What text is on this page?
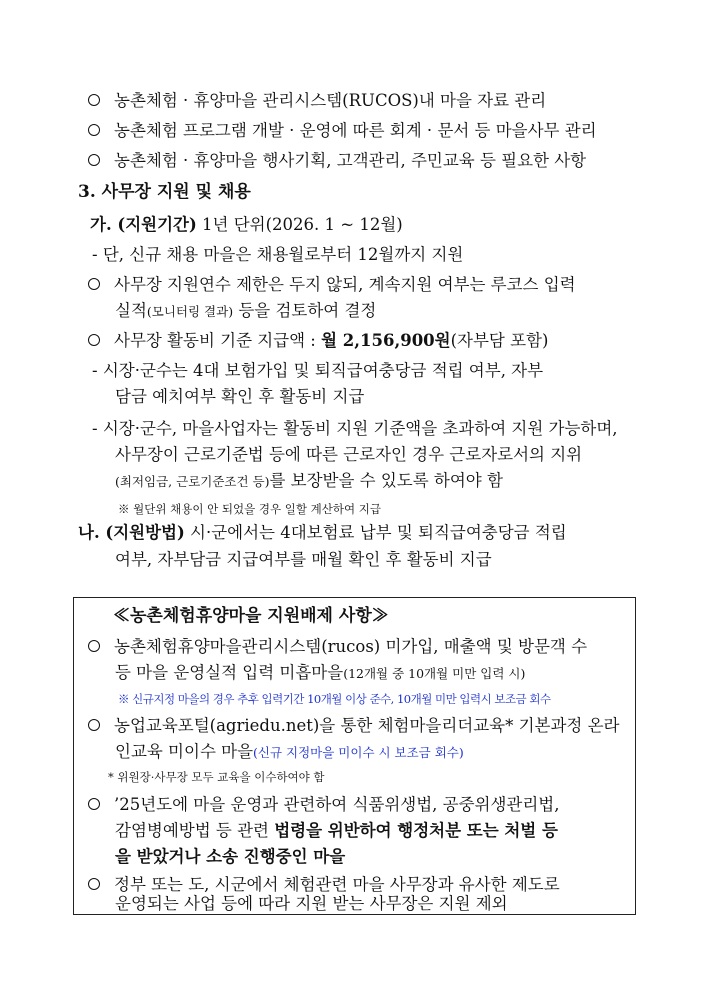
농촌체험 · 휴양마을 관리시스템(RUCOS)내 마을 자료 관리
농촌체험 프로그램 개발 · 운영에 따른 회계 · 문서 등 마을사무 관리
농촌체험 · 휴양마을 행사기획, 고객관리, 주민교육 등 필요한 사항
3. 사무장 지원 및 채용
가. (지원기간) 1년 단위(2026. 1 ~ 12월)
- 단, 신규 채용 마을은 채용월로부터 12월까지 지원
사무장 지원연수 제한은 두지 않되, 계속지원 여부는 루코스 입력
실적(모니터링 결과) 등을 검토하여 결정
사무장 활동비 기준 지급액 : 월 2,156,900원(자부담 포함)
- 시장·군수는 4대 보험가입 및 퇴직급여충당금 적립 여부, 자부
담금 예치여부 확인 후 활동비 지급
- 시장·군수, 마을사업자는 활동비 지원 기준액을 초과하여 지원 가능하며,
사무장이 근로기준법 등에 따른 근로자인 경우 근로자로서의 지위
(최저임금, 근로기준조건 등)를 보장받을 수 있도록 하여야 함
※ 월단위 채용이 안 되었을 경우 일할 계산하여 지급
나. (지원방법) 시·군에서는 4대보험료 납부 및 퇴직급여충당금 적립
여부, 자부담금 지급여부를 매월 확인 후 활동비 지급
≪농촌체험휴양마을 지원배제 사항≫
농촌체험휴양마을관리시스템(rucos) 미가입, 매출액 및 방문객 수
등 마을 운영실적 입력 미흡마을(12개월 중 10개월 미만 입력 시)
※ 신규지정 마을의 경우 추후 입력기간 10개월 이상 준수, 10개월 미만 입력시 보조금 회수
농업교육포털(agriedu.net)을 통한 체험마을리더교육* 기본과정 온라
인교육 미이수 마을(신규 지정마을 미이수 시 보조금 회수)
* 위원장·사무장 모두 교육을 이수하여야 함
’25년도에 마을 운영과 관련하여 식품위생법, 공중위생관리법,
감염병예방법 등 관련 법령을 위반하여 행정처분 또는 처벌 등
을 받았거나 소송 진행중인 마을
정부 또는 도, 시군에서 체험관련 마을 사무장과 유사한 제도로
운영되는 사업 등에 따라 지원 받는 사무장은 지원 제외
